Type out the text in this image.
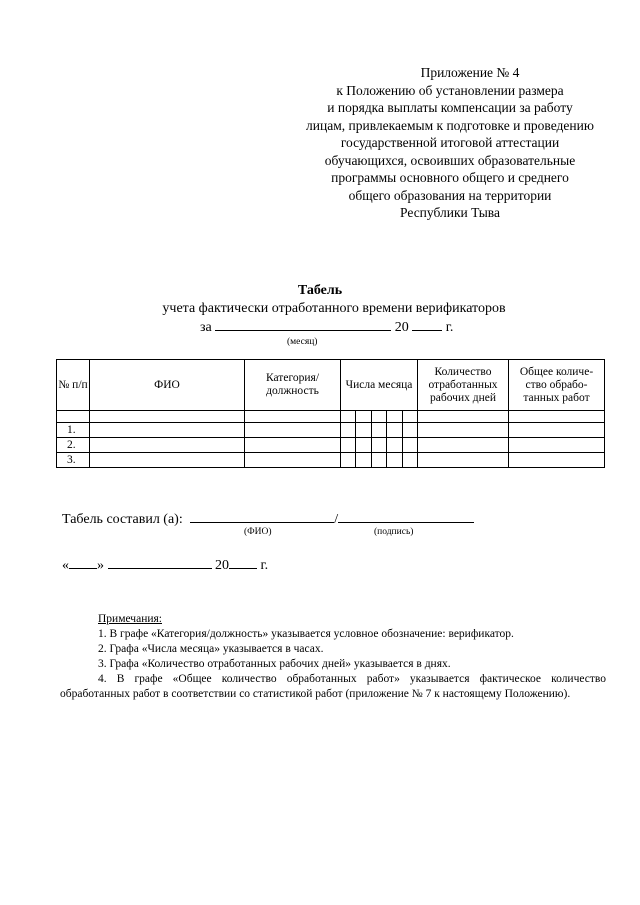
Приложение № 4
к Положению об установлении размера
и порядка выплаты компенсации за работу
лицам, привлекаемым к подготовке и проведению
государственной итоговой аттестации
обучающихся, освоивших образовательные
программы основного общего и среднего
общего образования на территории
Республики Тыва
Табель
учета фактически отработанного времени верификаторов
за	20	г.
(месяц)
№ п/п	ФИО	Категория/ должность	Числа месяца					Количество отработанных рабочих дней	Общее количе- ство обрабо- танных работ

1.									
2.									
3.									
Табель составил (а):	/
(ФИО)	(подпись)
« »	20 г.
Примечания:

1. В графе «Категория/должность» указывается условное обозначение: верификатор.

2. Графа «Числа месяца» указывается в часах.

3. Графа «Количество отработанных рабочих дней» указывается в днях.

4. В графе «Общее количество обработанных работ» указывается фактическое количество обработанных работ в соответствии со статистикой работ (приложение № 7 к настоящему Положению).
